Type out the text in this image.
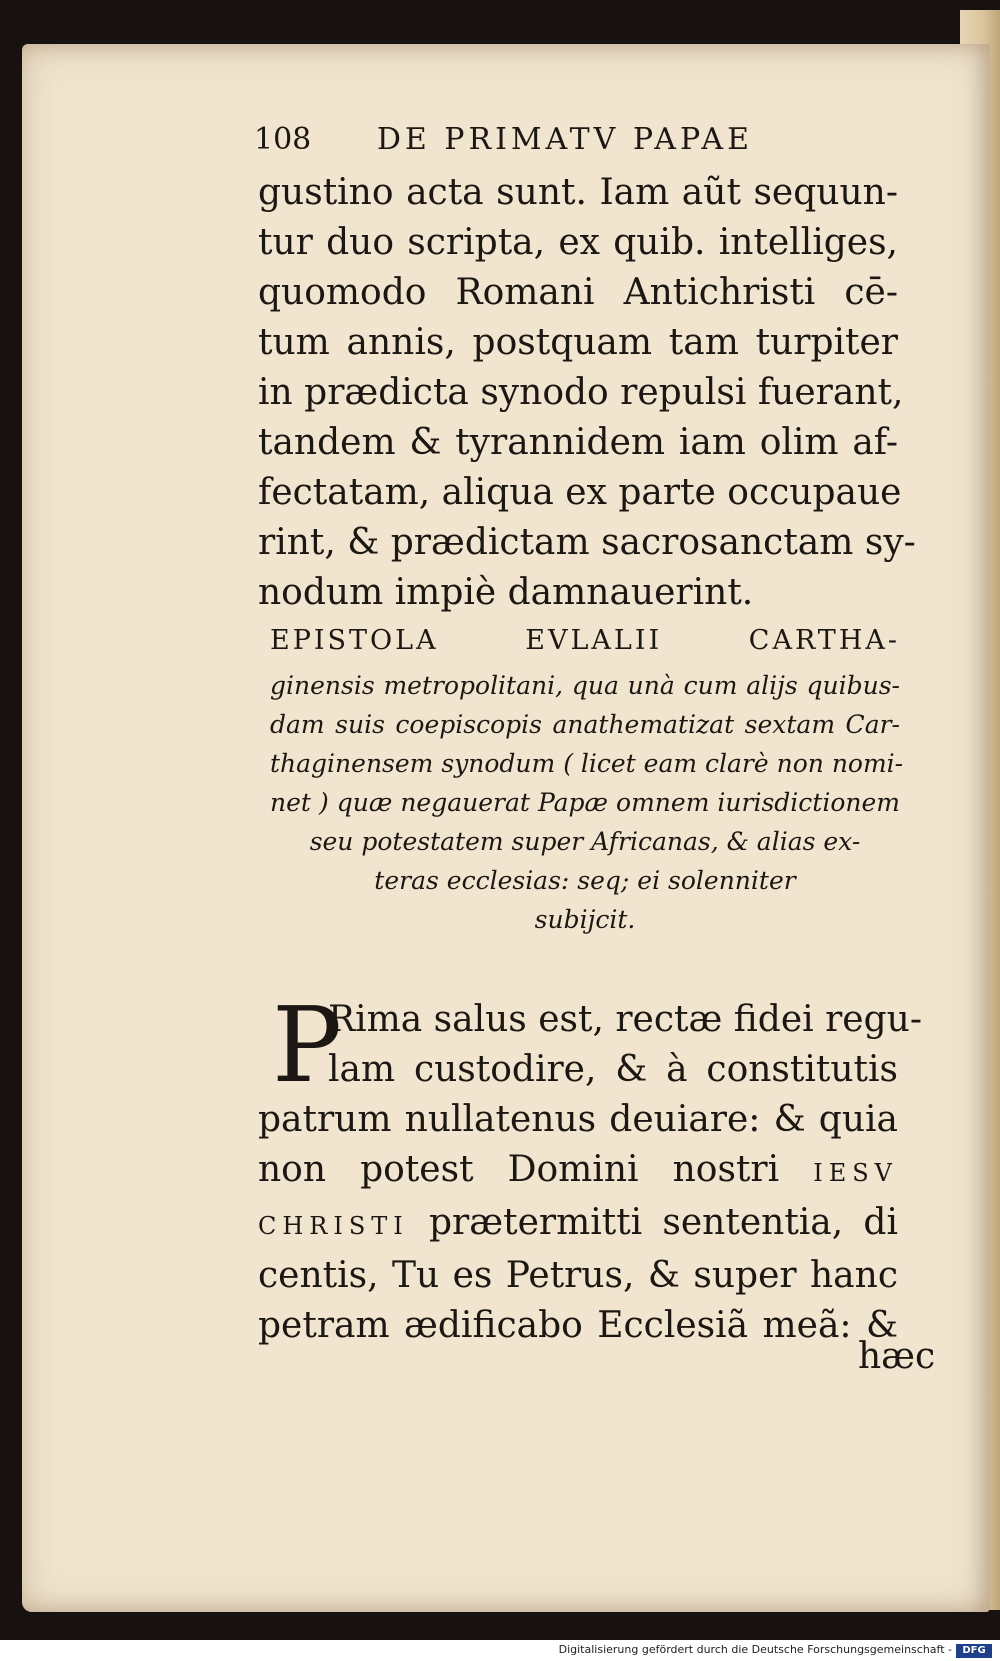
108 DE PRIMATV PAPAE
gustino acta sunt. Iam aũt sequun-
tur duo scripta, ex quib. intelliges,
quomodo Romani Antichristi cē-
tum annis, postquam tam turpiter
in prædicta synodo repulsi fuerant,
tandem & tyrannidem iam olim af-
fectatam, aliqua ex parte occupaue
rint, & prædictam sacrosanctam sy-
nodum impiè damnauerint.
EPISTOLA EVLALII CARTHA-
ginensis metropolitani, qua unà cum alijs quibus-
dam suis coepiscopis anathematizat sextam Car-
thaginensem synodum ( licet eam clarè non nomi-
net ) quæ negauerat Papæ omnem iurisdictionem
seu potestatem super Africanas, & alias ex-
teras ecclesias: seq; ei solenniter
subijcit.
P
Rima salus est, rectæ fidei regu-
lam custodire, & à constitutis
patrum nullatenus deuiare: & quia
non potest Domini nostri IESV
CHRISTI prætermitti sententia, di
centis, Tu es Petrus, & super hanc
petram ædificabo Ecclesiã meã: &
hæc
Digitalisierung gefördert durch die Deutsche Forschungsgemeinschaft -	DFG
